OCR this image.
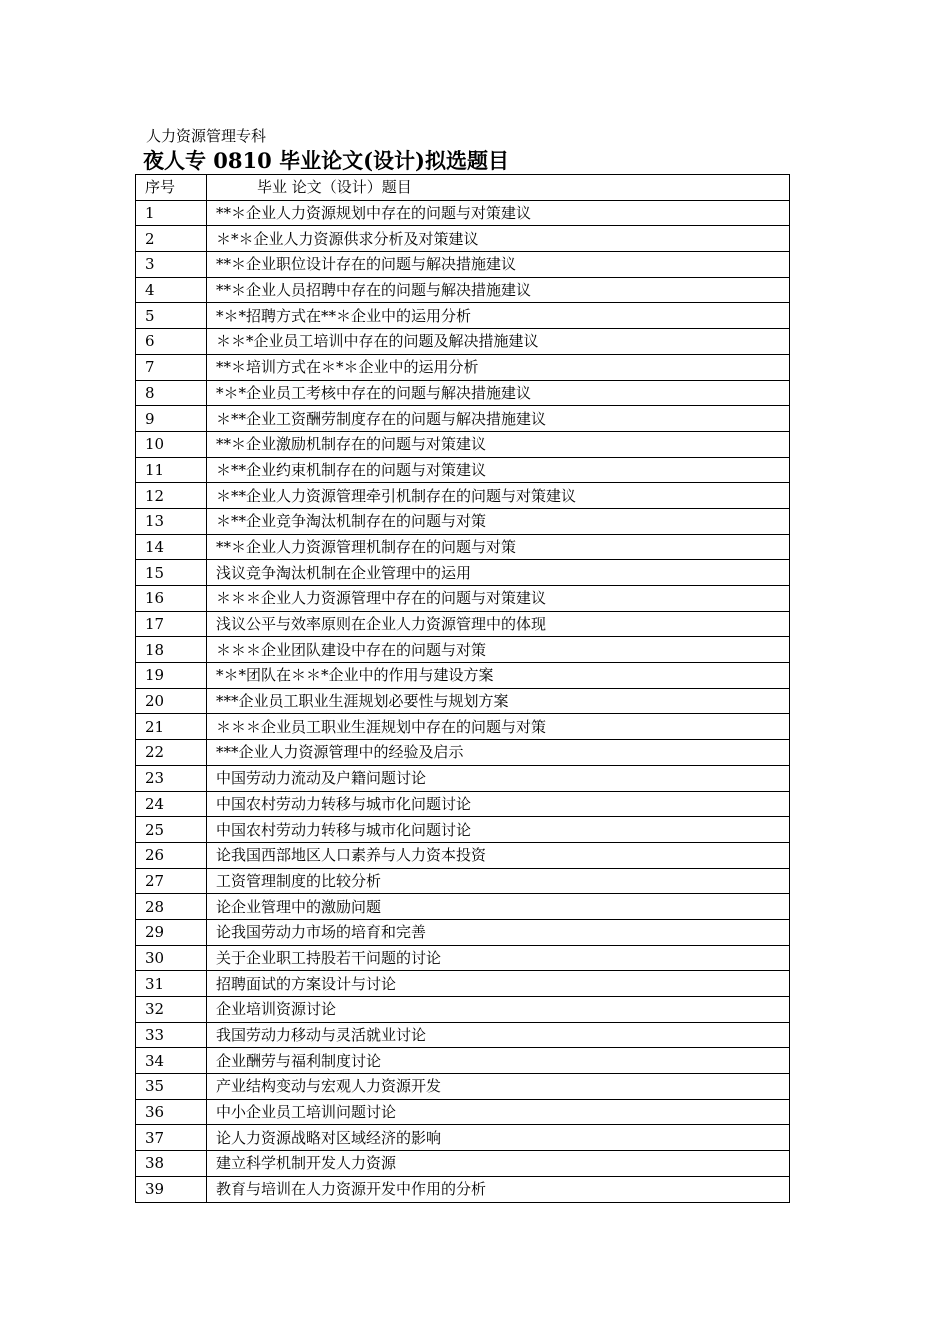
人力资源管理专科
夜人专 0810 毕业论文(设计)拟选题目
序号	毕业 论文（设计）题目
1	**＊企业人力资源规划中存在的问题与对策建议
2	＊*＊企业人力资源供求分析及对策建议
3	**＊企业职位设计存在的问题与解决措施建议
4	**＊企业人员招聘中存在的问题与解决措施建议
5	*＊*招聘方式在**＊企业中的运用分析
6	＊＊*企业员工培训中存在的问题及解决措施建议
7	**＊培训方式在＊*＊企业中的运用分析
8	*＊*企业员工考核中存在的问题与解决措施建议
9	＊**企业工资酬劳制度存在的问题与解决措施建议
10	**＊企业激励机制存在的问题与对策建议
11	＊**企业约束机制存在的问题与对策建议
12	＊**企业人力资源管理牵引机制存在的问题与对策建议
13	＊**企业竞争淘汰机制存在的问题与对策
14	**＊企业人力资源管理机制存在的问题与对策
15	浅议竞争淘汰机制在企业管理中的运用
16	＊＊＊企业人力资源管理中存在的问题与对策建议
17	浅议公平与效率原则在企业人力资源管理中的体现
18	＊＊＊企业团队建设中存在的问题与对策
19	*＊*团队在＊＊*企业中的作用与建设方案
20	***企业员工职业生涯规划必要性与规划方案
21	＊＊＊企业员工职业生涯规划中存在的问题与对策
22	***企业人力资源管理中的经验及启示
23	中国劳动力流动及户籍问题讨论
24	中国农村劳动力转移与城市化问题讨论
25	中国农村劳动力转移与城市化问题讨论
26	论我国西部地区人口素养与人力资本投资
27	工资管理制度的比较分析
28	论企业管理中的激励问题
29	论我国劳动力市场的培育和完善
30	关于企业职工持股若干问题的讨论
31	招聘面试的方案设计与讨论
32	企业培训资源讨论
33	我国劳动力移动与灵活就业讨论
34	企业酬劳与福利制度讨论
35	产业结构变动与宏观人力资源开发
36	中小企业员工培训问题讨论
37	论人力资源战略对区域经济的影响
38	建立科学机制开发人力资源
39	教育与培训在人力资源开发中作用的分析
